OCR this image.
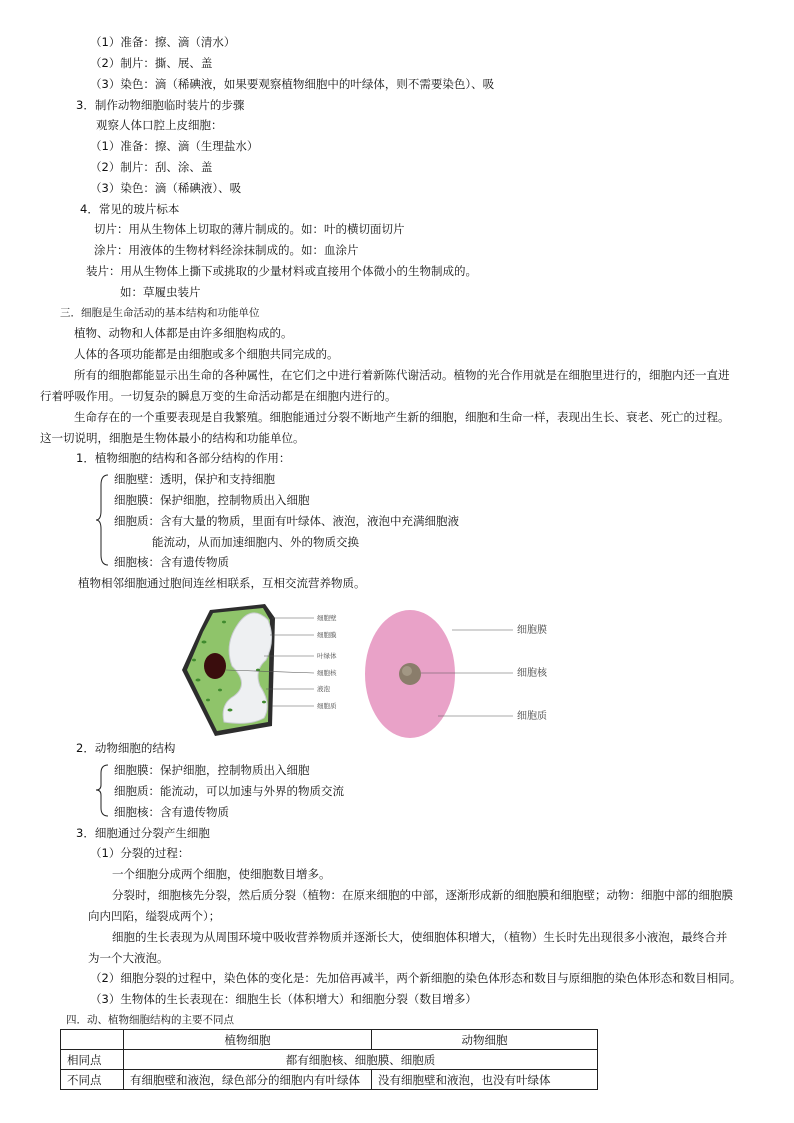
（1）准备：擦、滴（清水）
（2）制片：撕、展、盖
（3）染色：滴（稀碘液，如果要观察植物细胞中的叶绿体，则不需要染色）、吸
3．制作动物细胞临时装片的步骤
观察人体口腔上皮细胞：
（1）准备：擦、滴（生理盐水）
（2）制片：刮、涂、盖
（3）染色：滴（稀碘液）、吸
4．常见的玻片标本
切片：用从生物体上切取的薄片制成的。如：叶的横切面切片
涂片：用液体的生物材料经涂抹制成的。如：血涂片
装片：用从生物体上撕下或挑取的少量材料或直接用个体微小的生物制成的。
如：草履虫装片
三．细胞是生命活动的基本结构和功能单位
植物、动物和人体都是由许多细胞构成的。
人体的各项功能都是由细胞或多个细胞共同完成的。
所有的细胞都能显示出生命的各种属性，在它们之中进行着新陈代谢活动。植物的光合作用就是在细胞里进行的，细胞内还一直进
行着呼吸作用。一切复杂的瞬息万变的生命活动都是在细胞内进行的。
生命存在的一个重要表现是自我繁殖。细胞能通过分裂不断地产生新的细胞，细胞和生命一样，表现出生长、衰老、死亡的过程。
这一切说明，细胞是生物体最小的结构和功能单位。
1．植物细胞的结构和各部分结构的作用：
细胞壁：透明，保护和支持细胞
细胞膜：保护细胞，控制物质出入细胞
细胞质：含有大量的物质，里面有叶绿体、液泡，液泡中充满细胞液
能流动，从而加速细胞内、外的物质交换
细胞核：含有遗传物质
植物相邻细胞通过胞间连丝相联系，互相交流营养物质。
细胞壁
细胞膜
叶绿体
细胞核
液泡
细胞质
细胞膜
细胞核
细胞质
2．动物细胞的结构
细胞膜：保护细胞，控制物质出入细胞
细胞质：能流动，可以加速与外界的物质交流
细胞核：含有遗传物质
3．细胞通过分裂产生细胞
（1）分裂的过程：
一个细胞分成两个细胞，使细胞数目增多。
分裂时，细胞核先分裂，然后质分裂（植物：在原来细胞的中部，逐渐形成新的细胞膜和细胞壁；动物：细胞中部的细胞膜
向内凹陷，缢裂成两个）；
细胞的生长表现为从周围环境中吸收营养物质并逐渐长大，使细胞体积增大，（植物）生长时先出现很多小液泡，最终合并
为一个大液泡。
（2）细胞分裂的过程中，染色体的变化是：先加倍再减半，两个新细胞的染色体形态和数目与原细胞的染色体形态和数目相同。
（3）生物体的生长表现在：细胞生长（体积增大）和细胞分裂（数目增多）
四．动、植物细胞结构的主要不同点
	植物细胞	动物细胞
相同点	都有细胞核、细胞膜、细胞质	
不同点	有细胞壁和液泡，绿色部分的细胞内有叶绿体	没有细胞壁和液泡，也没有叶绿体
